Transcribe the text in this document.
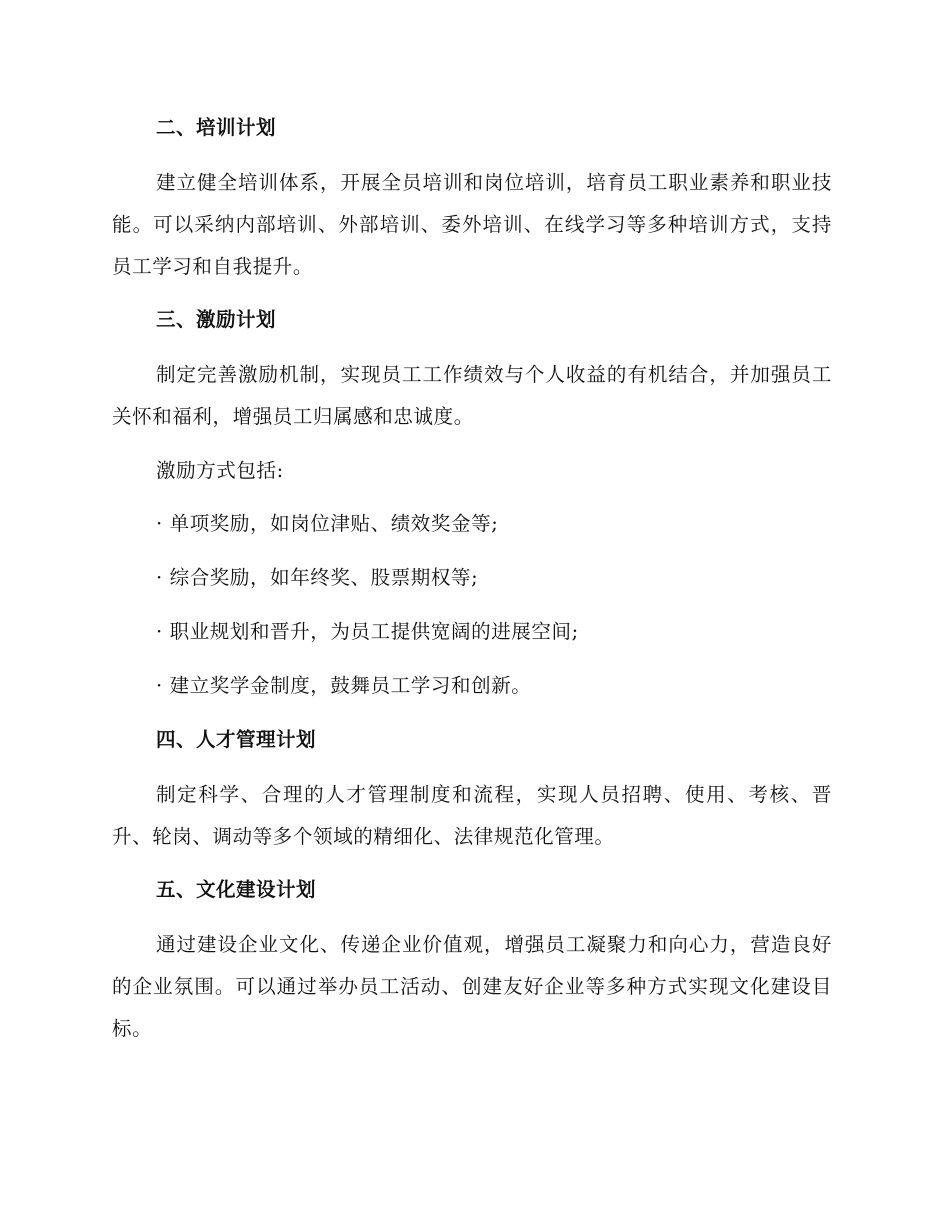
二、培训计划
建立健全培训体系，开展全员培训和岗位培训，培育员工职业素养和职业技能。可以采纳内部培训、外部培训、委外培训、在线学习等多种培训方式，支持员工学习和自我提升。
三、激励计划
制定完善激励机制，实现员工工作绩效与个人收益的有机结合，并加强员工关怀和福利，增强员工归属感和忠诚度。
激励方式包括:
· 单项奖励，如岗位津贴、绩效奖金等;
· 综合奖励，如年终奖、股票期权等;
· 职业规划和晋升，为员工提供宽阔的进展空间;
· 建立奖学金制度，鼓舞员工学习和创新。
四、人才管理计划
制定科学、合理的人才管理制度和流程，实现人员招聘、使用、考核、晋升、轮岗、调动等多个领域的精细化、法律规范化管理。
五、文化建设计划
通过建设企业文化、传递企业价值观，增强员工凝聚力和向心力，营造良好的企业氛围。可以通过举办员工活动、创建友好企业等多种方式实现文化建设目标。
